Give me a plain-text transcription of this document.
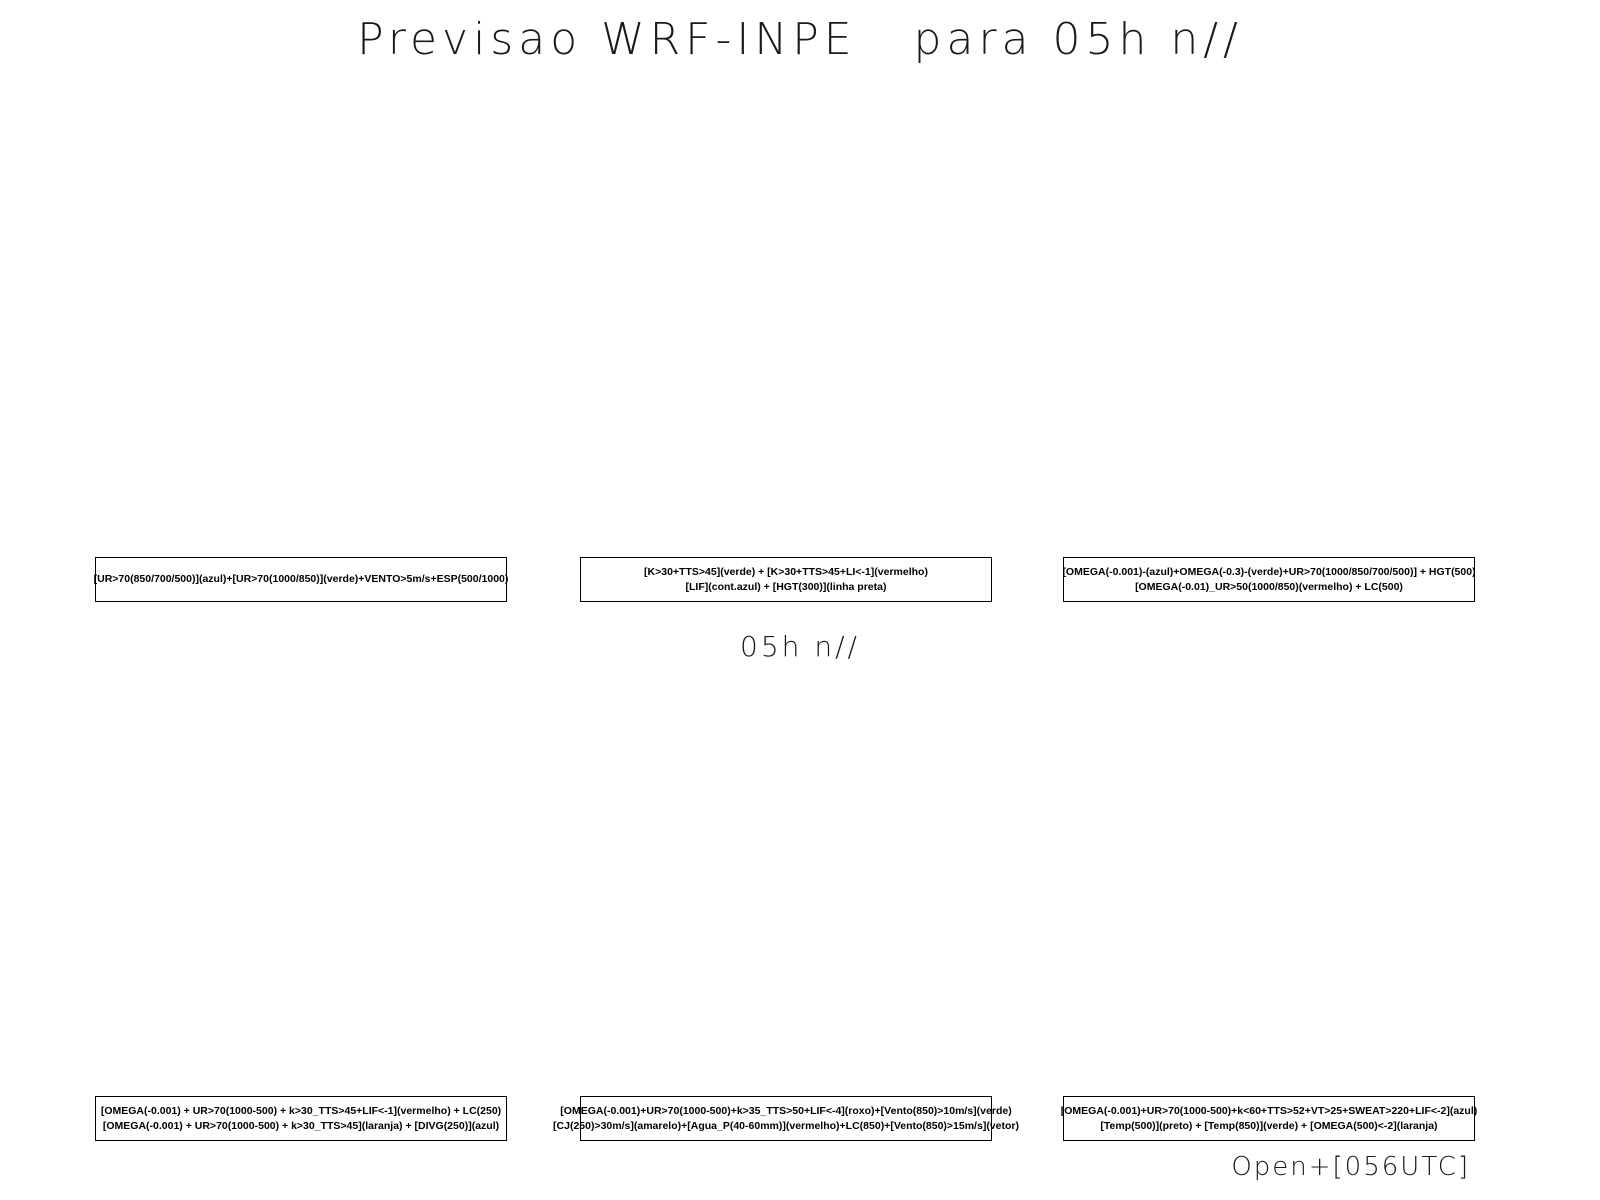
Previsao WRF-INPE   para 05h n//
[UR>70(850/700/500)](azul)+[UR>70(1000/850)](verde)+VENTO>5m/s+ESP(500/1000)
[K>30+TTS>45](verde) + [K>30+TTS>45+LI<-1](vermelho)
[LIF](cont.azul) + [HGT(300)](linha preta)
[OMEGA(-0.001)-(azul)+OMEGA(-0.3)-(verde)+UR>70(1000/850/700/500)] + HGT(500)
[OMEGA(-0.01)_UR>50(1000/850)(vermelho) + LC(500)
05h n//
[OMEGA(-0.001) + UR>70(1000-500) + k>30_TTS>45+LIF<-1](vermelho) + LC(250)
[OMEGA(-0.001) + UR>70(1000-500) + k>30_TTS>45](laranja) + [DIVG(250)](azul)
[OMEGA(-0.001)+UR>70(1000-500)+k>35_TTS>50+LIF<-4](roxo)+[Vento(850)>10m/s](verde)
[CJ(250)>30m/s](amarelo)+[Agua_P(40-60mm)](vermelho)+LC(850)+[Vento(850)>15m/s](vetor)
[OMEGA(-0.001)+UR>70(1000-500)+k<60+TTS>52+VT>25+SWEAT>220+LIF<-2](azul)
[Temp(500)](preto) + [Temp(850)](verde) + [OMEGA(500)<-2](laranja)
Open+[056UTC]
